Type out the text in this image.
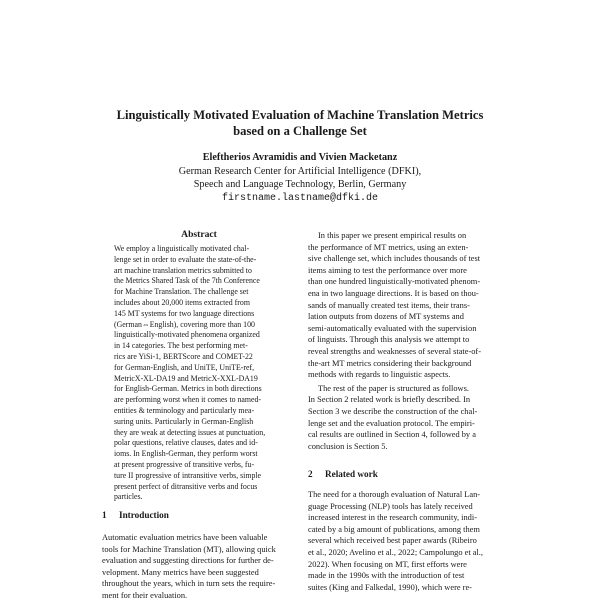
Linguistically Motivated Evaluation of Machine Translation Metrics
based on a Challenge Set
Eleftherios Avramidis and Vivien Macketanz
German Research Center for Artificial Intelligence (DFKI),
Speech and Language Technology, Berlin, Germany
firstname.lastname@dfki.de
Abstract
We employ a linguistically motivated chal-
lenge set in order to evaluate the state-of-the-
art machine translation metrics submitted to
the Metrics Shared Task of the 7th Conference
for Machine Translation. The challenge set
includes about 20,000 items extracted from
145 MT systems for two language directions
(German⇔English), covering more than 100
linguistically-motivated phenomena organized
in 14 categories. The best performing met-
rics are YiSi-1, BERTScore and COMET-22
for German-English, and UniTE, UniTE-ref,
MetricX-XL-DA19 and MetricX-XXL-DA19
for English-German. Metrics in both directions
are performing worst when it comes to named-
entities & terminology and particularly mea-
suring units. Particularly in German-English
they are weak at detecting issues at punctuation,
polar questions, relative clauses, dates and id-
ioms. In English-German, they perform worst
at present progressive of transitive verbs, fu-
ture II progressive of intransitive verbs, simple
present perfect of ditransitive verbs and focus
particles.
1 Introduction
Automatic evaluation metrics have been valuable
tools for Machine Translation (MT), allowing quick
evaluation and suggesting directions for further de-
velopment. Many metrics have been suggested
throughout the years, which in turn sets the require-
ment for their evaluation.
In this paper we present empirical results on
the performance of MT metrics, using an exten-
sive challenge set, which includes thousands of test
items aiming to test the performance over more
than one hundred linguistically-motivated phenom-
ena in two language directions. It is based on thou-
sands of manually created test items, their trans-
lation outputs from dozens of MT systems and
semi-automatically evaluated with the supervision
of linguists. Through this analysis we attempt to
reveal strengths and weaknesses of several state-of-
the-art MT metrics considering their background
methods with regards to linguistic aspects.
The rest of the paper is structured as follows.
In Section 2 related work is briefly described. In
Section 3 we describe the construction of the chal-
lenge set and the evaluation protocol. The empiri-
cal results are outlined in Section 4, followed by a
conclusion is Section 5.
2 Related work
The need for a thorough evaluation of Natural Lan-
guage Processing (NLP) tools has lately received
increased interest in the research community, indi-
cated by a big amount of publications, among them
several which received best paper awards (Ribeiro
et al., 2020; Avelino et al., 2022; Campolungo et al.,
2022). When focusing on MT, first efforts were
made in the 1990s with the introduction of test
suites (King and Falkedal, 1990), which were re-
